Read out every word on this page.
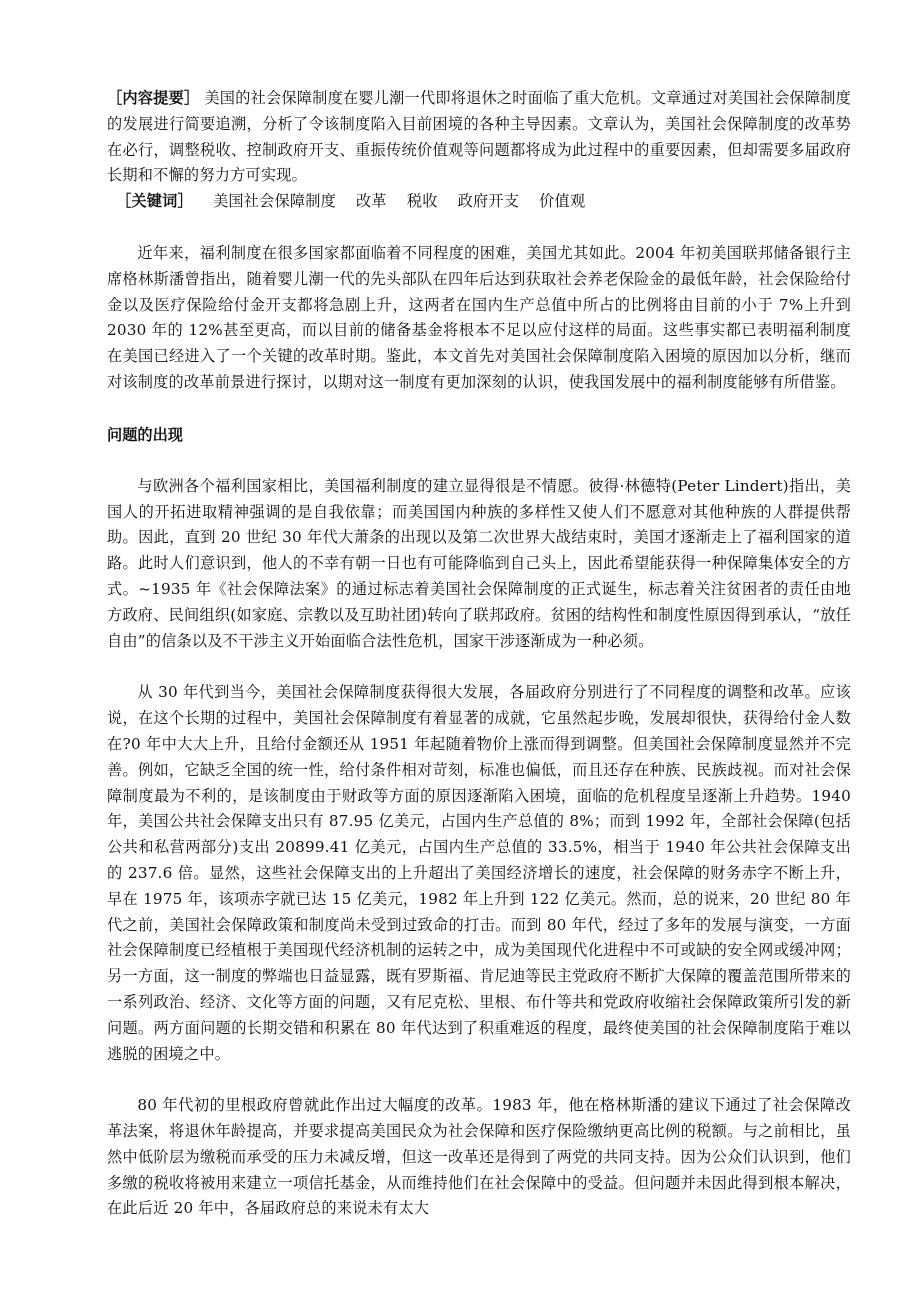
［内容提要］ 美国的社会保障制度在婴儿潮一代即将退休之时面临了重大危机。文章通过对美国社会保障制度的发展进行简要追溯，分析了令该制度陷入目前困境的各种主导因素。文章认为，美国社会保障制度的改革势在必行，调整税收、控制政府开支、重振传统价值观等问题都将成为此过程中的重要因素，但却需要多届政府长期和不懈的努力方可实现。

［关键词］ 美国社会保障制度 改革 税收 政府开支 价值观

近年来，福利制度在很多国家都面临着不同程度的困难，美国尤其如此。2004 年初美国联邦储备银行主席格林斯潘曾指出，随着婴儿潮一代的先头部队在四年后达到获取社会养老保险金的最低年龄，社会保险给付金以及医疗保险给付金开支都将急剧上升，这两者在国内生产总值中所占的比例将由目前的小于 7%上升到 2030 年的 12%甚至更高，而以目前的储备基金将根本不足以应付这样的局面。这些事实都已表明福利制度在美国已经进入了一个关键的改革时期。鉴此，本文首先对美国社会保障制度陷入困境的原因加以分析，继而对该制度的改革前景进行探讨，以期对这一制度有更加深刻的认识，使我国发展中的福利制度能够有所借鉴。

问题的出现

与欧洲各个福利国家相比，美国福利制度的建立显得很是不情愿。彼得·林德特(Peter Lindert)指出，美国人的开拓进取精神强调的是自我依靠；而美国国内种族的多样性又使人们不愿意对其他种族的人群提供帮助。因此，直到 20 世纪 30 年代大萧条的出现以及第二次世界大战结束时，美国才逐渐走上了福利国家的道路。此时人们意识到，他人的不幸有朝一日也有可能降临到自己头上，因此希望能获得一种保障集体安全的方式。~1935 年《社会保障法案》的通过标志着美国社会保障制度的正式诞生，标志着关注贫困者的责任由地方政府、民间组织(如家庭、宗教以及互助社团)转向了联邦政府。贫困的结构性和制度性原因得到承认，“放任自由”的信条以及不干涉主义开始面临合法性危机，国家干涉逐渐成为一种必须。

从 30 年代到当今，美国社会保障制度获得很大发展，各届政府分别进行了不同程度的调整和改革。应该说，在这个长期的过程中，美国社会保障制度有着显著的成就，它虽然起步晚，发展却很快，获得给付金人数在?0 年中大大上升，且给付金额还从 1951 年起随着物价上涨而得到调整。但美国社会保障制度显然并不完善。例如，它缺乏全国的统一性，给付条件相对苛刻，标准也偏低，而且还存在种族、民族歧视。而对社会保障制度最为不利的，是该制度由于财政等方面的原因逐渐陷入困境，面临的危机程度呈逐渐上升趋势。1940 年，美国公共社会保障支出只有 87.95 亿美元，占国内生产总值的 8%；而到 1992 年，全部社会保障(包括公共和私营两部分)支出 20899.41 亿美元，占国内生产总值的 33.5%，相当于 1940 年公共社会保障支出的 237.6 倍。显然，这些社会保障支出的上升超出了美国经济增长的速度，社会保障的财务赤字不断上升，早在 1975 年，该项赤字就已达 15 亿美元，1982 年上升到 122 亿美元。然而，总的说来，20 世纪 80 年代之前，美国社会保障政策和制度尚未受到过致命的打击。而到 80 年代，经过了多年的发展与演变，一方面社会保障制度已经植根于美国现代经济机制的运转之中，成为美国现代化进程中不可或缺的安全网或缓冲网；另一方面，这一制度的弊端也日益显露，既有罗斯福、肯尼迪等民主党政府不断扩大保障的覆盖范围所带来的一系列政治、经济、文化等方面的问题，又有尼克松、里根、布什等共和党政府收缩社会保障政策所引发的新问题。两方面问题的长期交错和积累在 80 年代达到了积重难返的程度，最终使美国的社会保障制度陷于难以逃脱的困境之中。

80 年代初的里根政府曾就此作出过大幅度的改革。1983 年，他在格林斯潘的建议下通过了社会保障改革法案，将退休年龄提高，并要求提高美国民众为社会保障和医疗保险缴纳更高比例的税额。与之前相比，虽然中低阶层为缴税而承受的压力未减反增，但这一改革还是得到了两党的共同支持。因为公众们认识到，他们多缴的税收将被用来建立一项信托基金，从而维持他们在社会保障中的受益。但问题并未因此得到根本解决，在此后近 20 年中，各届政府总的来说未有太大
